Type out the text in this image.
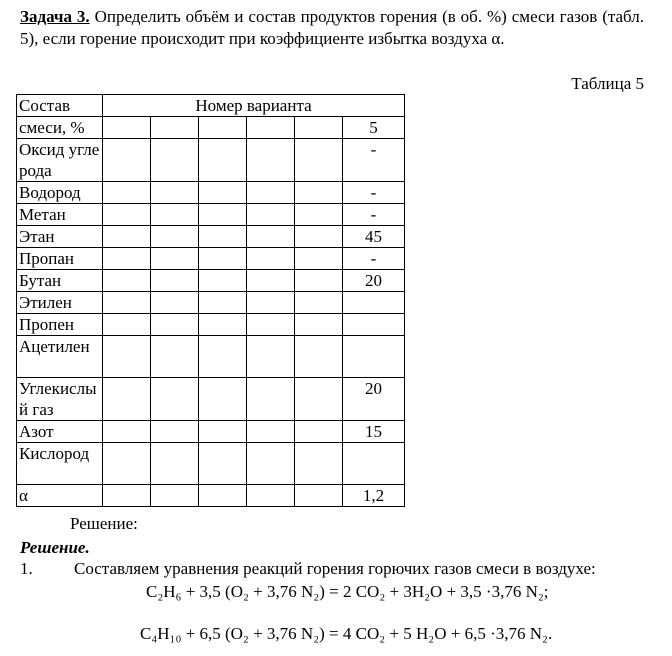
Задача 3. Определить объём и состав продуктов горения (в об. %) смеси газов (табл. 5), если горение происходит при коэффициенте избытка воздуха α.
Таблица 5
Состав	Номер варианта					
смеси, %						5
Оксид углерода						-
Водород						-
Метан						-
Этан						45
Пропан						-
Бутан						20
Этилен						
Пропен						
Ацетилен						
Углекислый газ						20
Азот						15
Кислород						
α						1,2
Решение:
Решение.
1. Составляем уравнения реакций горения горючих газов смеси в воздухе:
C₂H₆ + 3,5 (O₂ + 3,76 N₂) = 2 CO₂ + 3H₂O + 3,5 ·3,76 N₂;
C₄H₁₀ + 6,5 (O₂ + 3,76 N₂) = 4 CO₂ + 5 H₂O + 6,5 ·3,76 N₂.
